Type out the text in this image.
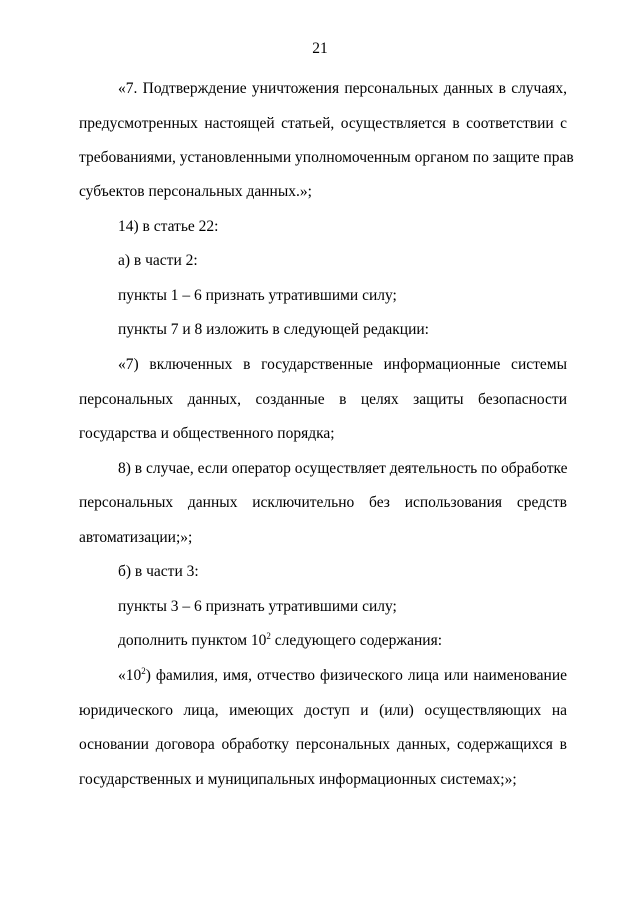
21
«7. Подтверждение уничтожения персональных данных в случаях,
предусмотренных настоящей статьей, осуществляется в соответствии с
требованиями, установленными уполномоченным органом по защите прав
субъектов персональных данных.»;
14) в статье 22:
а) в части 2:
пункты 1 – 6 признать утратившими силу;
пункты 7 и 8 изложить в следующей редакции:
«7) включенных в государственные информационные системы
персональных данных, созданные в целях защиты безопасности
государства и общественного порядка;
8) в случае, если оператор осуществляет деятельность по обработке
персональных данных исключительно без использования средств
автоматизации;»;
б) в части 3:
пункты 3 – 6 признать утратившими силу;
дополнить пунктом $10^2$ следующего содержания:
«$10^2$) фамилия, имя, отчество физического лица или наименование
юридического лица, имеющих доступ и (или) осуществляющих на
основании договора обработку персональных данных, содержащихся в
государственных и муниципальных информационных системах;»;
